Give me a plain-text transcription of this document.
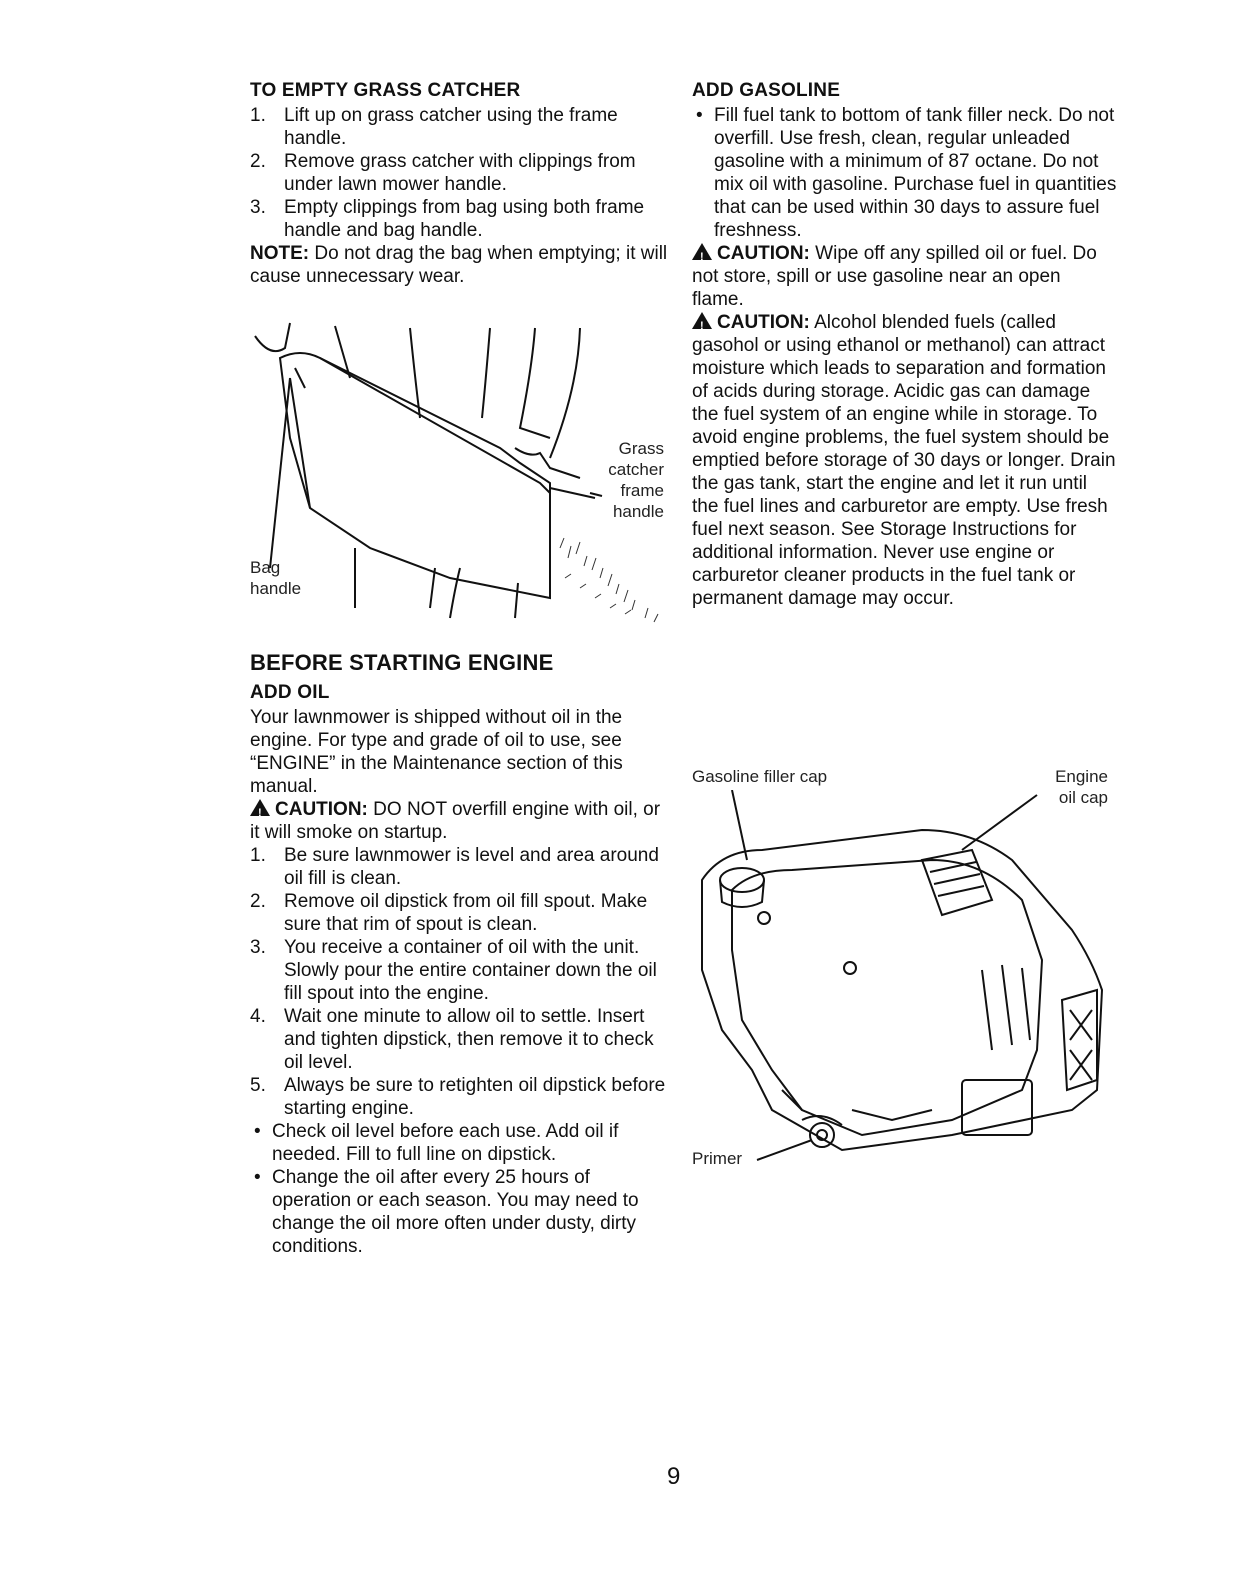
TO EMPTY GRASS CATCHER
1. Lift up on grass catcher using the frame handle.
2. Remove grass catcher with clippings from under lawn mower handle.
3. Empty clippings from bag using both frame handle and bag handle.

NOTE: Do not drag the bag when emptying; it will cause unnecessary wear.

Grass
catcher
frame
handle
Bag
handle
BEFORE STARTING ENGINE
ADD OIL

Your lawnmower is shipped without oil in the engine. For type and grade of oil to use, see “ENGINE” in the Maintenance section of this manual.

!CAUTION: DO NOT overfill engine with oil, or it will smoke on startup.

1. Be sure lawnmower is level and area around oil fill is clean.
2. Remove oil dipstick from oil fill spout. Make sure that rim of spout is clean.
3. You receive a container of oil with the unit. Slowly pour the entire container down the oil fill spout into the engine.
4. Wait one minute to allow oil to settle. Insert and tighten dipstick, then remove it to check oil level.
5. Always be sure to retighten oil dipstick before starting engine.
• Check oil level before each use. Add oil if needed. Fill to full line on dipstick.
• Change the oil after every 25 hours of operation or each season. You may need to change the oil more often under dusty, dirty conditions.
ADD GASOLINE
• Fill fuel tank to bottom of tank filler neck. Do not overfill. Use fresh, clean, regular unleaded gasoline with a minimum of 87 octane. Do not mix oil with gasoline. Purchase fuel in quantities that can be used within 30 days to assure fuel freshness.

!CAUTION: Wipe off any spilled oil or fuel. Do not store, spill or use gasoline near an open flame.

!CAUTION: Alcohol blended fuels (called gasohol or using ethanol or methanol) can attract moisture which leads to separation and formation of acids during storage. Acidic gas can damage the fuel system of an engine while in storage. To avoid engine problems, the fuel system should be emptied before storage of 30 days or longer. Drain the gas tank, start the engine and let it run until the fuel lines and carburetor are empty. Use fresh fuel next season. See Storage Instructions for additional information. Never use engine or carburetor cleaner products in the fuel tank or permanent damage may occur.

Gasoline filler cap	Engine
oil cap
Primer
9
